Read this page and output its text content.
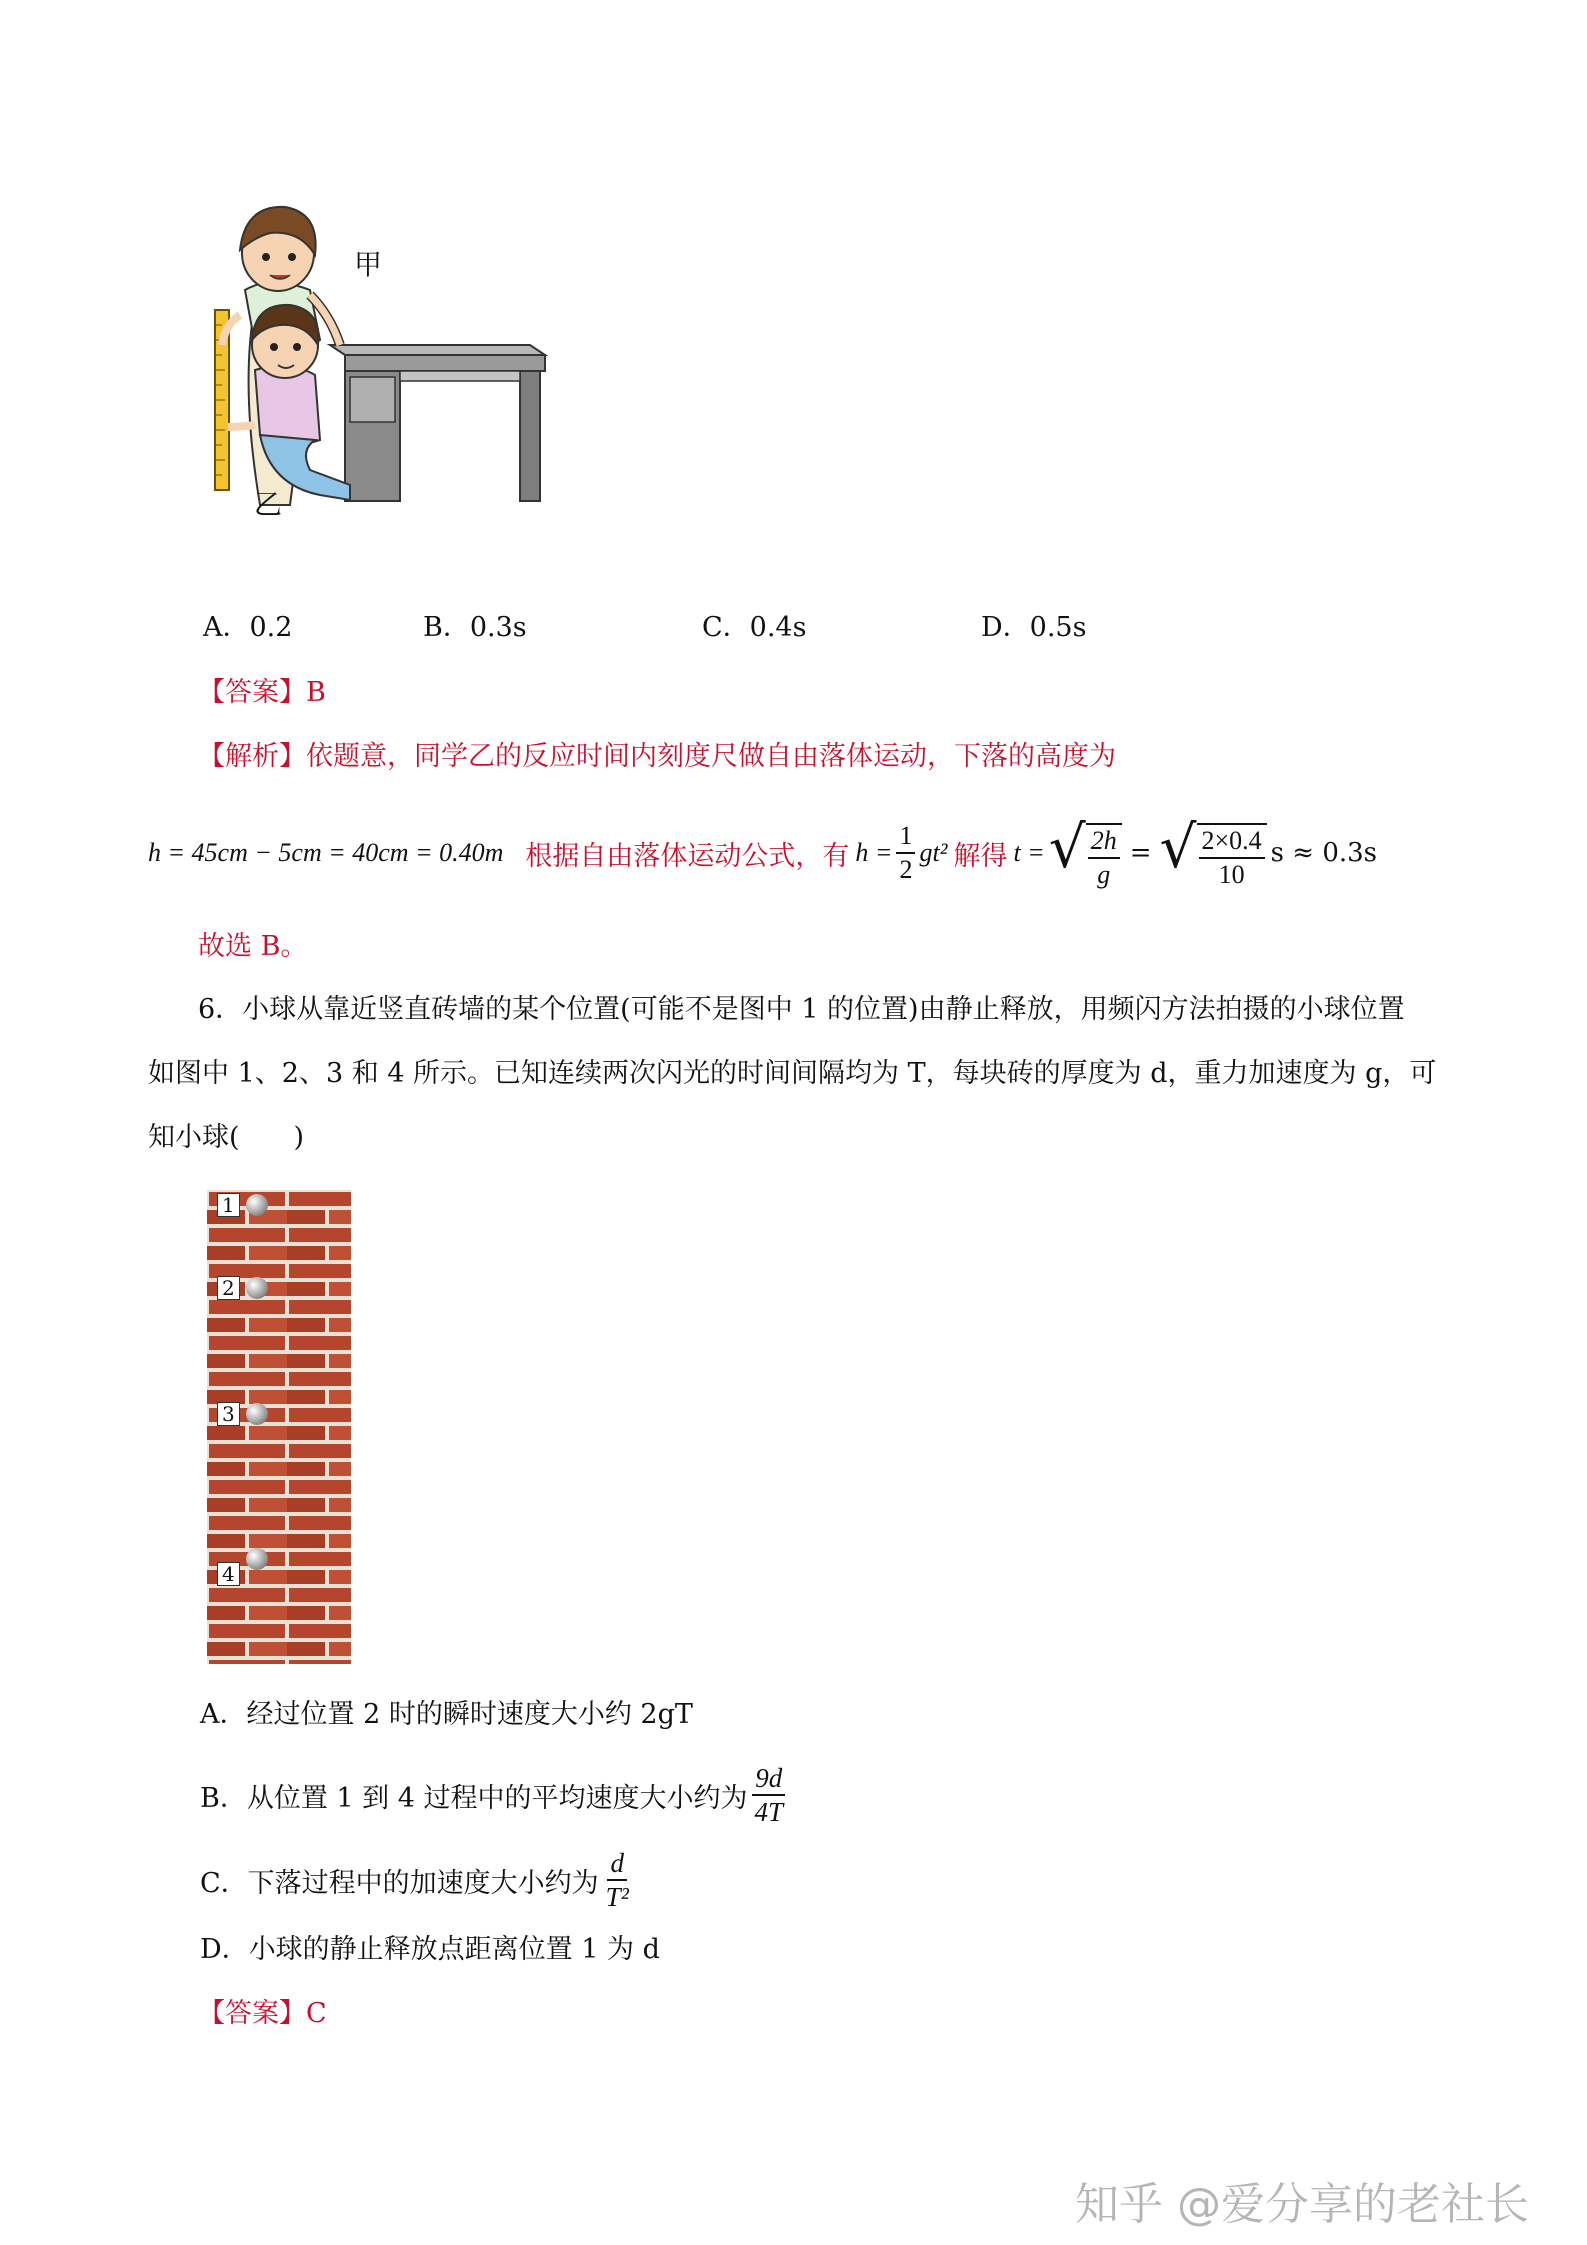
甲
乙
A．0.2	B．0.3s	C．0.4s	D．0.5s
【答案】B
【解析】依题意，同学乙的反应时间内刻度尺做自由落体运动，下落的高度为
h = 45cm − 5cm = 40cm = 0.40m 根据自由落体运动公式，有 $h = \frac{1}{2} gt^2$ 解得 t = √ $\frac{2h}{g}$ = √ $\frac{2\times 0.4}{10}$ s ≈ 0.3s
故选 B。
6．小球从靠近竖直砖墙的某个位置(可能不是图中 1 的位置)由静止释放，用频闪方法拍摄的小球位置
如图中 1、2、3 和 4 所示。已知连续两次闪光的时间间隔均为 T，每块砖的厚度为 d，重力加速度为 g，可
知小球(　　)
1
2
3
4
A．经过位置 2 时的瞬时速度大小约 2gT
B．从位置 1 到 4 过程中的平均速度大小约为 $\frac{9d}{4T}$
C．下落过程中的加速度大小约为 $\frac{d}{\text{T²}}$
D．小球的静止释放点距离位置 1 为 d
【答案】C
知乎 @爱分享的老社长
